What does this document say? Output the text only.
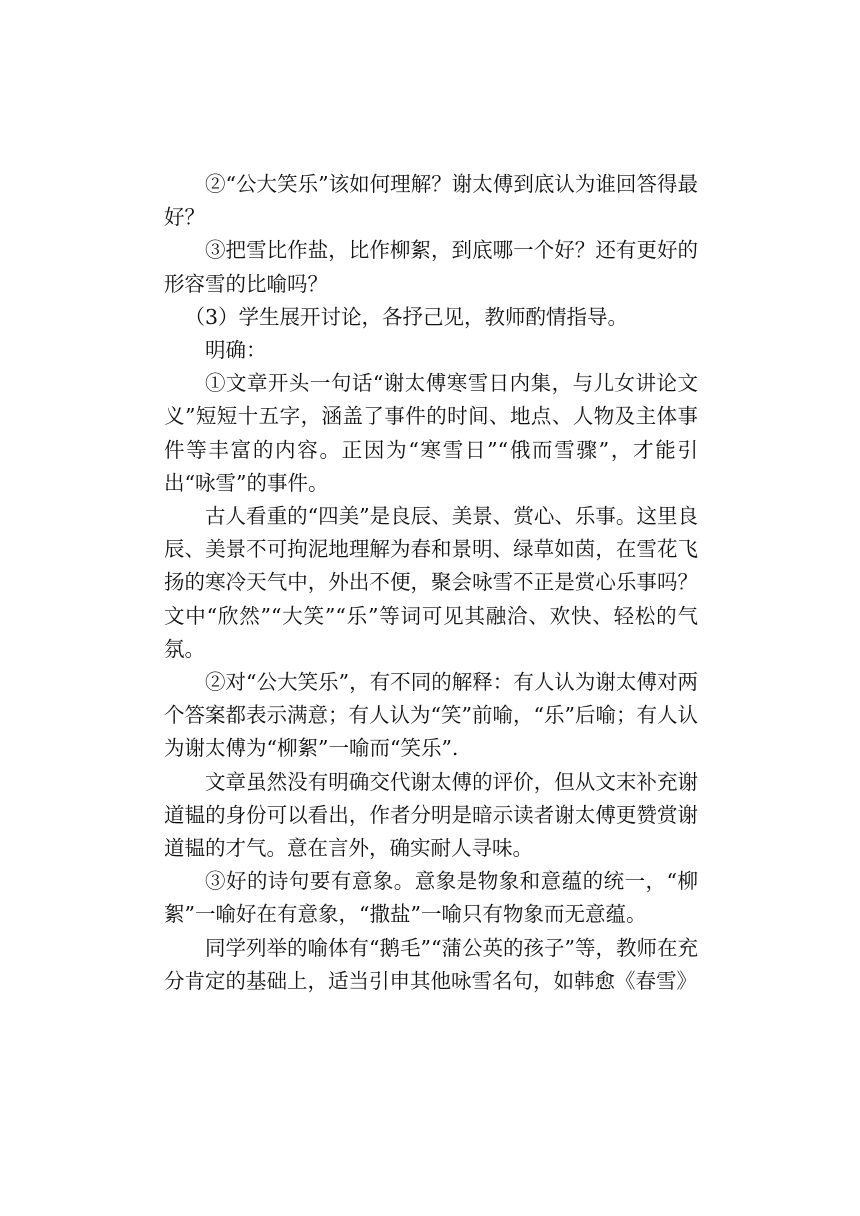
②“公大笑乐”该如何理解？谢太傅到底认为谁回答得最好？

③把雪比作盐，比作柳絮，到底哪一个好？还有更好的形容雪的比喻吗？

（3）学生展开讨论，各抒己见，教师酌情指导。

明确：

①文章开头一句话“谢太傅寒雪日内集，与儿女讲论文义”短短十五字，涵盖了事件的时间、地点、人物及主体事件等丰富的内容。正因为“寒雪日”“俄而雪骤”，才能引出“咏雪”的事件。

古人看重的“四美”是良辰、美景、赏心、乐事。这里良辰、美景不可拘泥地理解为春和景明、绿草如茵，在雪花飞扬的寒冷天气中，外出不便，聚会咏雪不正是赏心乐事吗？文中“欣然”“大笑”“乐”等词可见其融洽、欢快、轻松的气氛。

②对“公大笑乐”，有不同的解释：有人认为谢太傅对两个答案都表示满意；有人认为“笑”前喻，“乐”后喻；有人认为谢太傅为“柳絮”一喻而“笑乐”.

文章虽然没有明确交代谢太傅的评价，但从文末补充谢道韫的身份可以看出，作者分明是暗示读者谢太傅更赞赏谢道韫的才气。意在言外，确实耐人寻味。

③好的诗句要有意象。意象是物象和意蕴的统一，“柳絮”一喻好在有意象，“撒盐”一喻只有物象而无意蕴。

同学列举的喻体有“鹅毛”“蒲公英的孩子”等，教师在充分肯定的基础上，适当引申其他咏雪名句，如韩愈《春雪》
